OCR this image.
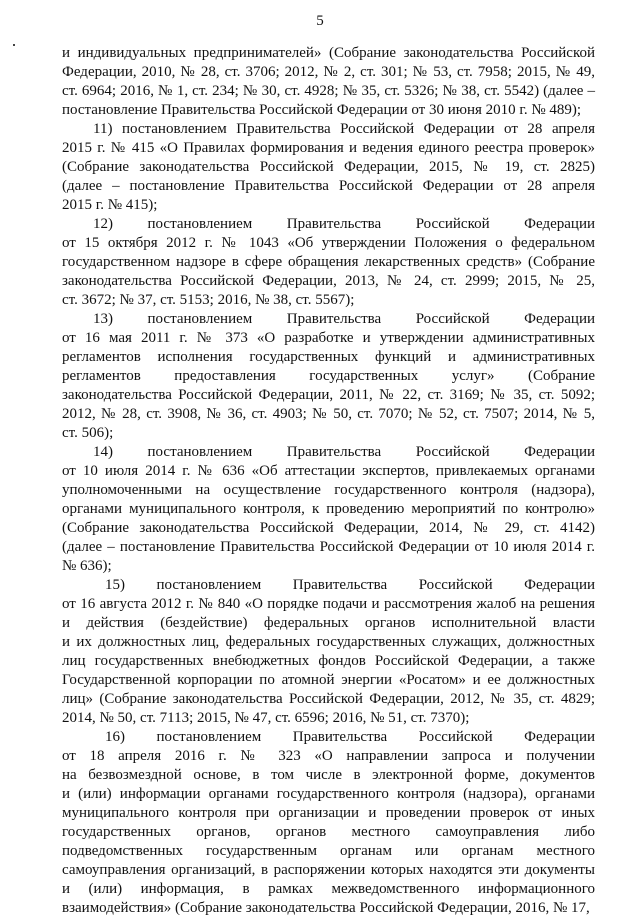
5

и индивидуальных предпринимателей» (Собрание законодательства Российской
Федерации, 2010, № 28, ст. 3706; 2012, № 2, ст. 301; № 53, ст. 7958; 2015, № 49,
ст. 6964; 2016, № 1, ст. 234; № 30, ст. 4928; № 35, ст. 5326; № 38, ст. 5542) (далее –
постановление Правительства Российской Федерации от 30 июня 2010 г. № 489);

11) постановлением Правительства Российской Федерации от 28 апреля
2015 г. № 415 «О Правилах формирования и ведения единого реестра проверок»
(Собрание законодательства Российской Федерации, 2015, № 19, ст. 2825)
(далее – постановление Правительства Российской Федерации от 28 апреля
2015 г. № 415);

12) постановлением Правительства Российской Федерации
от 15 октября 2012 г. № 1043 «Об утверждении Положения о федеральном
государственном надзоре в сфере обращения лекарственных средств» (Собрание
законодательства Российской Федерации, 2013, № 24, ст. 2999; 2015, № 25,
ст. 3672; № 37, ст. 5153; 2016, № 38, ст. 5567);

13) постановлением Правительства Российской Федерации
от 16 мая 2011 г. № 373 «О разработке и утверждении административных
регламентов исполнения государственных функций и административных
регламентов предоставления государственных услуг» (Собрание
законодательства Российской Федерации, 2011, № 22, ст. 3169; № 35, ст. 5092;
2012, № 28, ст. 3908, № 36, ст. 4903; № 50, ст. 7070; № 52, ст. 7507; 2014, № 5,
ст. 506);

14) постановлением Правительства Российской Федерации
от 10 июля 2014 г. № 636 «Об аттестации экспертов, привлекаемых органами
уполномоченными на осуществление государственного контроля (надзора),
органами муниципального контроля, к проведению мероприятий по контролю»
(Собрание законодательства Российской Федерации, 2014, № 29, ст. 4142)
(далее – постановление Правительства Российской Федерации от 10 июля 2014 г.
№ 636);

15) постановлением Правительства Российской Федерации
от 16 августа 2012 г. № 840 «О порядке подачи и рассмотрения жалоб на решения
и действия (бездействие) федеральных органов исполнительной власти
и их должностных лиц, федеральных государственных служащих, должностных
лиц государственных внебюджетных фондов Российской Федерации, а также
Государственной корпорации по атомной энергии «Росатом» и ее должностных
лиц» (Собрание законодательства Российской Федерации, 2012, № 35, ст. 4829;
2014, № 50, ст. 7113; 2015, № 47, ст. 6596; 2016, № 51, ст. 7370);

16) постановлением Правительства Российской Федерации
от 18 апреля 2016 г. № 323 «О направлении запроса и получении
на безвозмездной основе, в том числе в электронной форме, документов
и (или) информации органами государственного контроля (надзора), органами
муниципального контроля при организации и проведении проверок от иных
государственных органов, органов местного самоуправления либо
подведомственных государственным органам или органам местного
самоуправления организаций, в распоряжении которых находятся эти документы
и (или) информация, в рамках межведомственного информационного
взаимодействия» (Собрание законодательства Российской Федерации, 2016, № 17,
